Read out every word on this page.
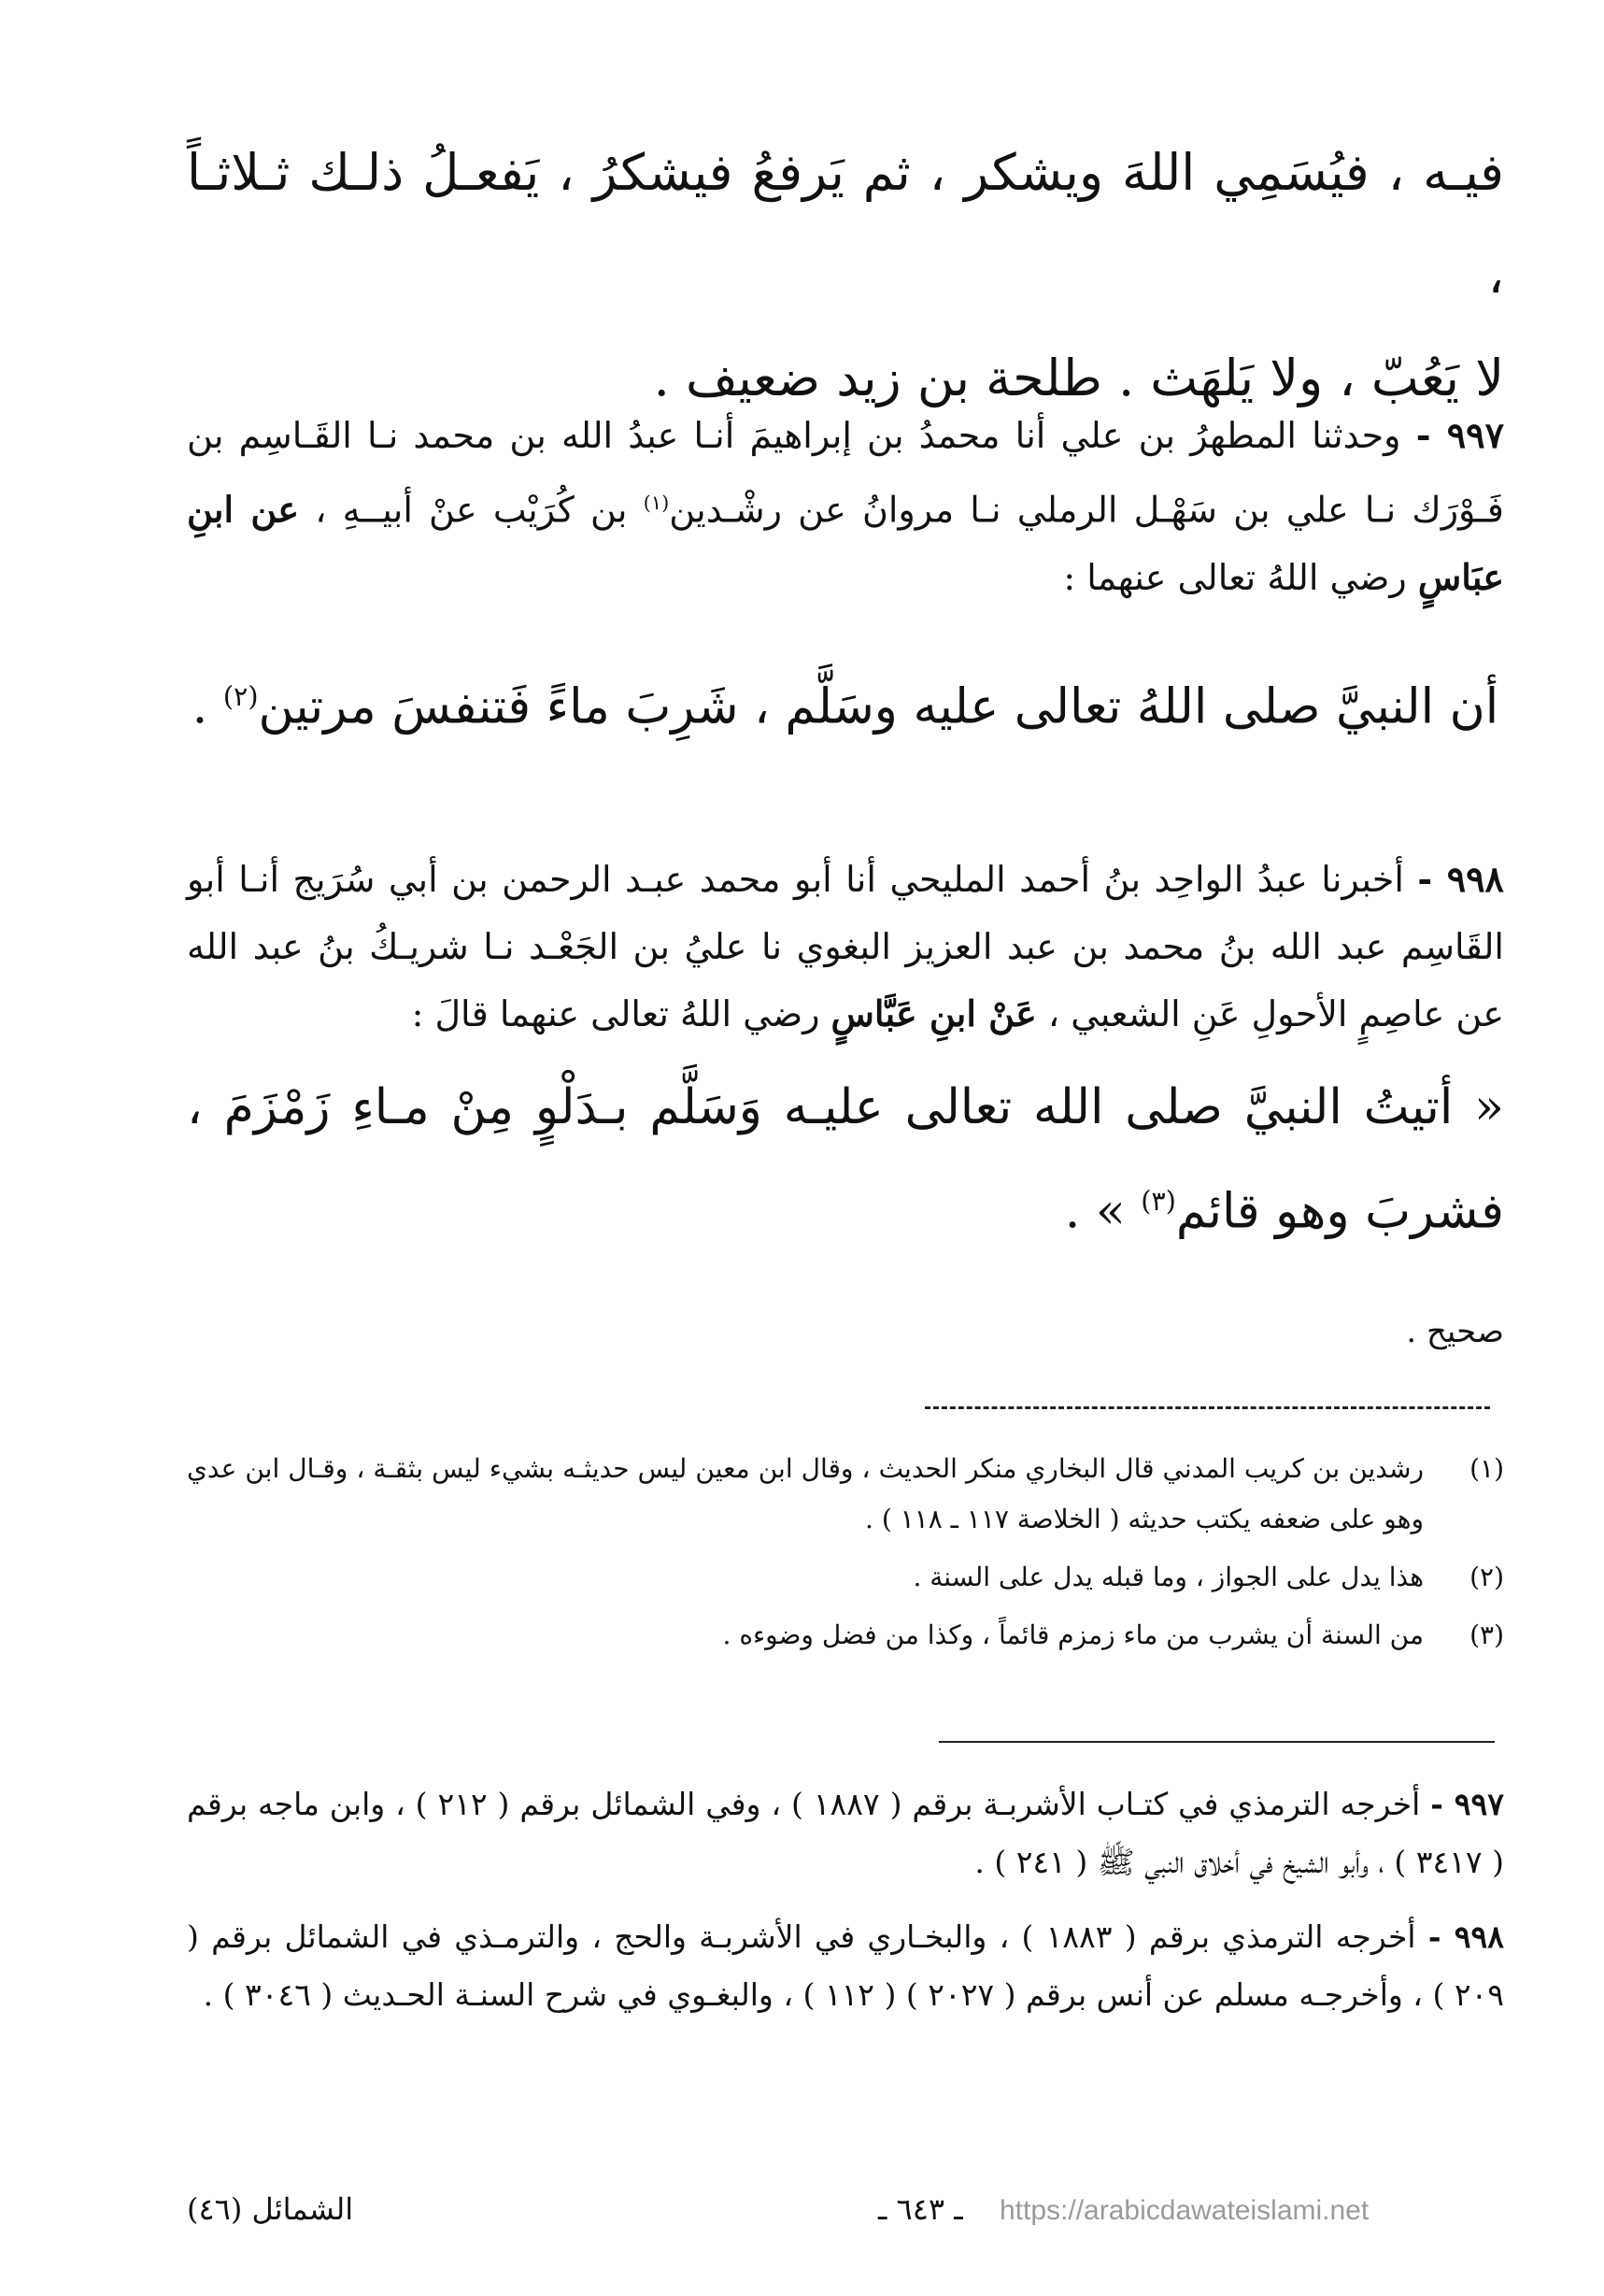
فيـه ، فيُسَمِي اللهَ ويشكر ، ثم يَرفعُ فيشكرُ ، يَفعـلُ ذلـك ثـلاثـاً ،

لا يَعُبّ ، ولا يَلهَث . طلحة بن زيد ضعيف .

٩٩٧ - وحدثنا المطهرُ بن علي أنا محمدُ بن إبراهيمَ أنـا عبدُ الله بن محمد نـا القَـاسِم بن فَـوْرَك نـا علي بن سَهْـل الرملي نـا مروانُ عن رشْـدين$^{(١)}$ بن كُرَيْب عنْ أبيــهِ ، عن ابنِ عبَاسٍ رضي اللهُ تعالى عنهما :

أن النبيَّ صلى اللهُ تعالى عليه وسَلَّم ، شَرِبَ ماءً فَتنفسَ مرتين$^{(٢)}$ .

٩٩٨ - أخبرنا عبدُ الواحِد بنُ أحمد المليحي أنا أبو محمد عبـد الرحمن بن أبي سُرَيج أنـا أبو القَاسِم عبد الله بنُ محمد بن عبد العزيز البغوي نا عليُ بن الجَعْـد نـا شريـكُ بنُ عبد الله عن عاصِمٍ الأحولِ عَنِ الشعبي ، عَنْ ابنِ عَبَّاسٍ رضي اللهُ تعالى عنهما قالَ :

« أتيتُ النبيَّ صلى الله تعالى عليـه وَسَلَّم بـدَلْوٍ مِنْ مـاءِ زَمْزَمَ ، فشربَ وهو قائم$^{(٣)}$ » .

صحيح .

(١)
رشدين بن كريب المدني قال البخاري منكر الحديث ، وقال ابن معين ليس حديثـه بشيء ليس بثقـة ، وقـال ابن عدي وهو على ضعفه يكتب حديثه ( الخلاصة ١١٧ ـ ١١٨ ) .
(٢)
هذا يدل على الجواز ، وما قبله يدل على السنة .
(٣)
من السنة أن يشرب من ماء زمزم قائماً ، وكذا من فضل وضوءه .

٩٩٧ - أخرجه الترمذي في كتـاب الأشربـة برقم ( ١٨٨٧ ) ، وفي الشمائل برقم ( ٢١٢ ) ، وابن ماجه برقم ( ٣٤١٧ ) ، وأبو الشيخ في أخلاق النبي ﷺ ( ٢٤١ ) .

٩٩٨ - أخرجه الترمذي برقم ( ١٨٨٣ ) ، والبخـاري في الأشربـة والحج ، والترمـذي في الشمائل برقم ( ٢٠٩ ) ، وأخرجـه مسلم عن أنس برقم ( ٢٠٢٧ ) ( ١١٢ ) ، والبغـوي في شرح السنـة الحـديث ( ٣٠٤٦ ) .

الشمائل (٤٦)	ـ ٦٤٣ ـ https://arabicdawateislami.net
